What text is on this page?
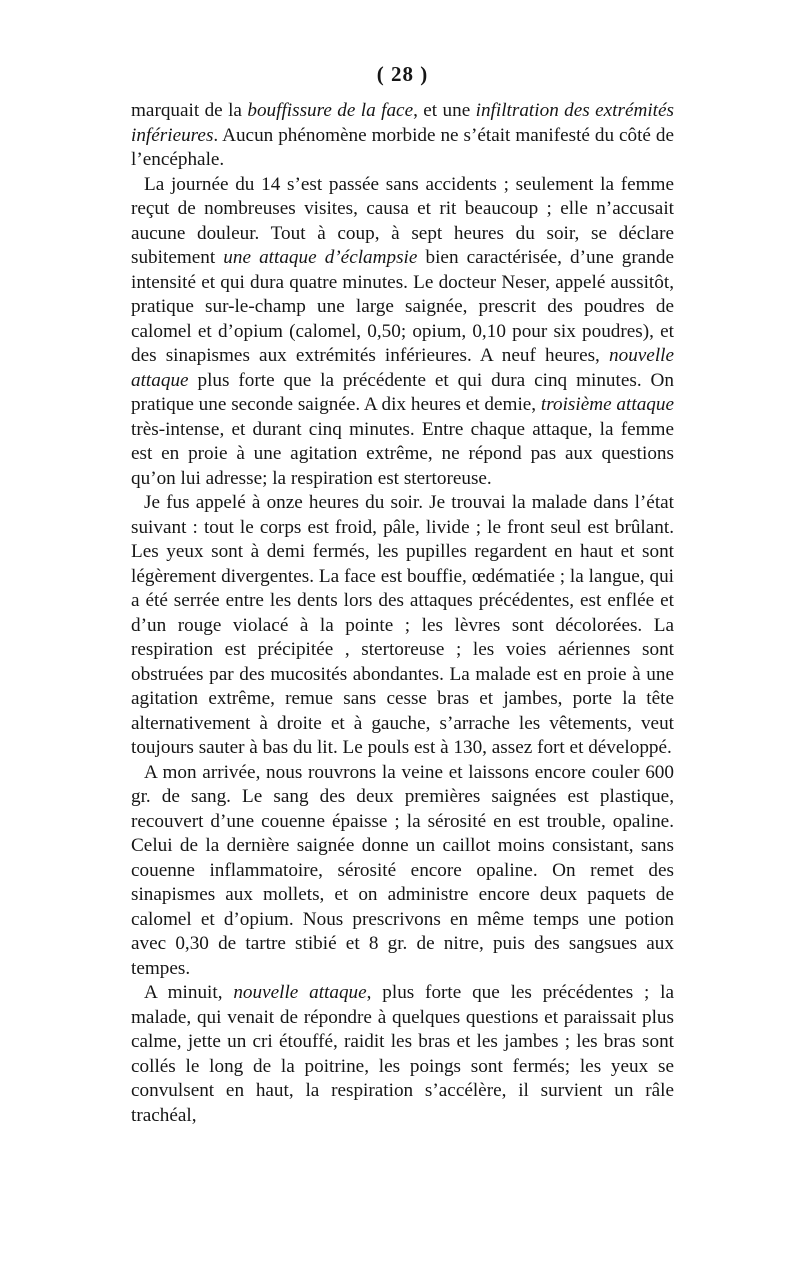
( 28 )

marquait de la bouffissure de la face, et une infiltration des extrémités inférieures. Aucun phénomène morbide ne s’était manifesté du côté de l’encéphale.

La journée du 14 s’est passée sans accidents ; seulement la femme reçut de nombreuses visites, causa et rit beaucoup ; elle n’accusait aucune douleur. Tout à coup, à sept heures du soir, se déclare subitement une attaque d’éclampsie bien caractérisée, d’une grande intensité et qui dura quatre minutes. Le docteur Neser, appelé aussitôt, pratique sur-le-champ une large saignée, prescrit des poudres de calomel et d’opium (calomel, 0,50; opium, 0,10 pour six poudres), et des sinapismes aux extrémités inférieures. A neuf heures, nouvelle attaque plus forte que la précédente et qui dura cinq minutes. On pratique une seconde saignée. A dix heures et demie, troisième attaque très-intense, et durant cinq minutes. Entre chaque attaque, la femme est en proie à une agitation extrême, ne répond pas aux questions qu’on lui adresse; la respiration est stertoreuse.

Je fus appelé à onze heures du soir. Je trouvai la malade dans l’état suivant : tout le corps est froid, pâle, livide ; le front seul est brûlant. Les yeux sont à demi fermés, les pupilles regardent en haut et sont légèrement divergentes. La face est bouffie, œdématiée ; la langue, qui a été serrée entre les dents lors des attaques précédentes, est enflée et d’un rouge violacé à la pointe ; les lèvres sont décolorées. La respiration est précipitée , stertoreuse ; les voies aériennes sont obstruées par des mucosités abondantes. La malade est en proie à une agitation extrême, remue sans cesse bras et jambes, porte la tête alternativement à droite et à gauche, s’arrache les vêtements, veut toujours sauter à bas du lit. Le pouls est à 130, assez fort et développé.

A mon arrivée, nous rouvrons la veine et laissons encore couler 600 gr. de sang. Le sang des deux premières saignées est plastique, recouvert d’une couenne épaisse ; la sérosité en est trouble, opaline. Celui de la dernière saignée donne un caillot moins consistant, sans couenne inflammatoire, sérosité encore opaline. On remet des sinapismes aux mollets, et on administre encore deux paquets de calomel et d’opium. Nous prescrivons en même temps une potion avec 0,30 de tartre stibié et 8 gr. de nitre, puis des sangsues aux tempes.

A minuit, nouvelle attaque, plus forte que les précédentes ; la malade, qui venait de répondre à quelques questions et paraissait plus calme, jette un cri étouffé, raidit les bras et les jambes ; les bras sont collés le long de la poitrine, les poings sont fermés; les yeux se convulsent en haut, la respiration s’accélère, il survient un râle trachéal,
